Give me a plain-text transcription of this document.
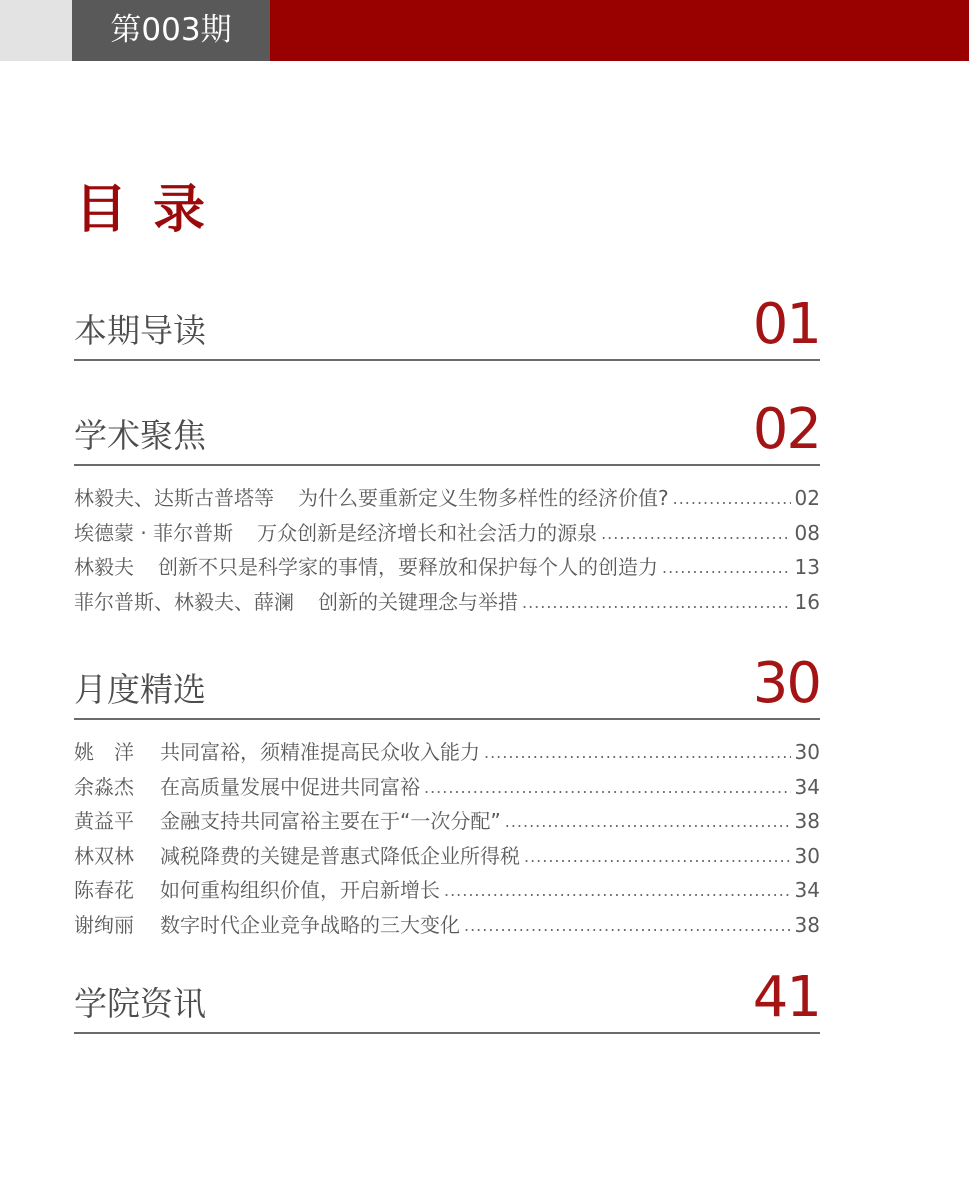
第003期
目录
本期导读	01
学术聚焦	02
林毅夫、达斯古普塔等 为什么要重新定义生物多样性的经济价值? .....	02
埃德蒙 · 菲尔普斯 万众创新是经济增长和社会活力的源泉 .....	08
林毅夫 创新不只是科学家的事情，要释放和保护每个人的创造力 .....	13
菲尔普斯、林毅夫、薛澜 创新的关键理念与举措 .....	16
月度精选	30
姚　洋	共同富裕，须精准提高民众收入能力 .....	30
余淼杰	在高质量发展中促进共同富裕 .....	34
黄益平	金融支持共同富裕主要在于“一次分配” .....	38
林双林	减税降费的关键是普惠式降低企业所得税 .....	30
陈春花	如何重构组织价值，开启新增长 .....	34
谢绚丽	数字时代企业竞争战略的三大变化 .....	38
学院资讯	41
